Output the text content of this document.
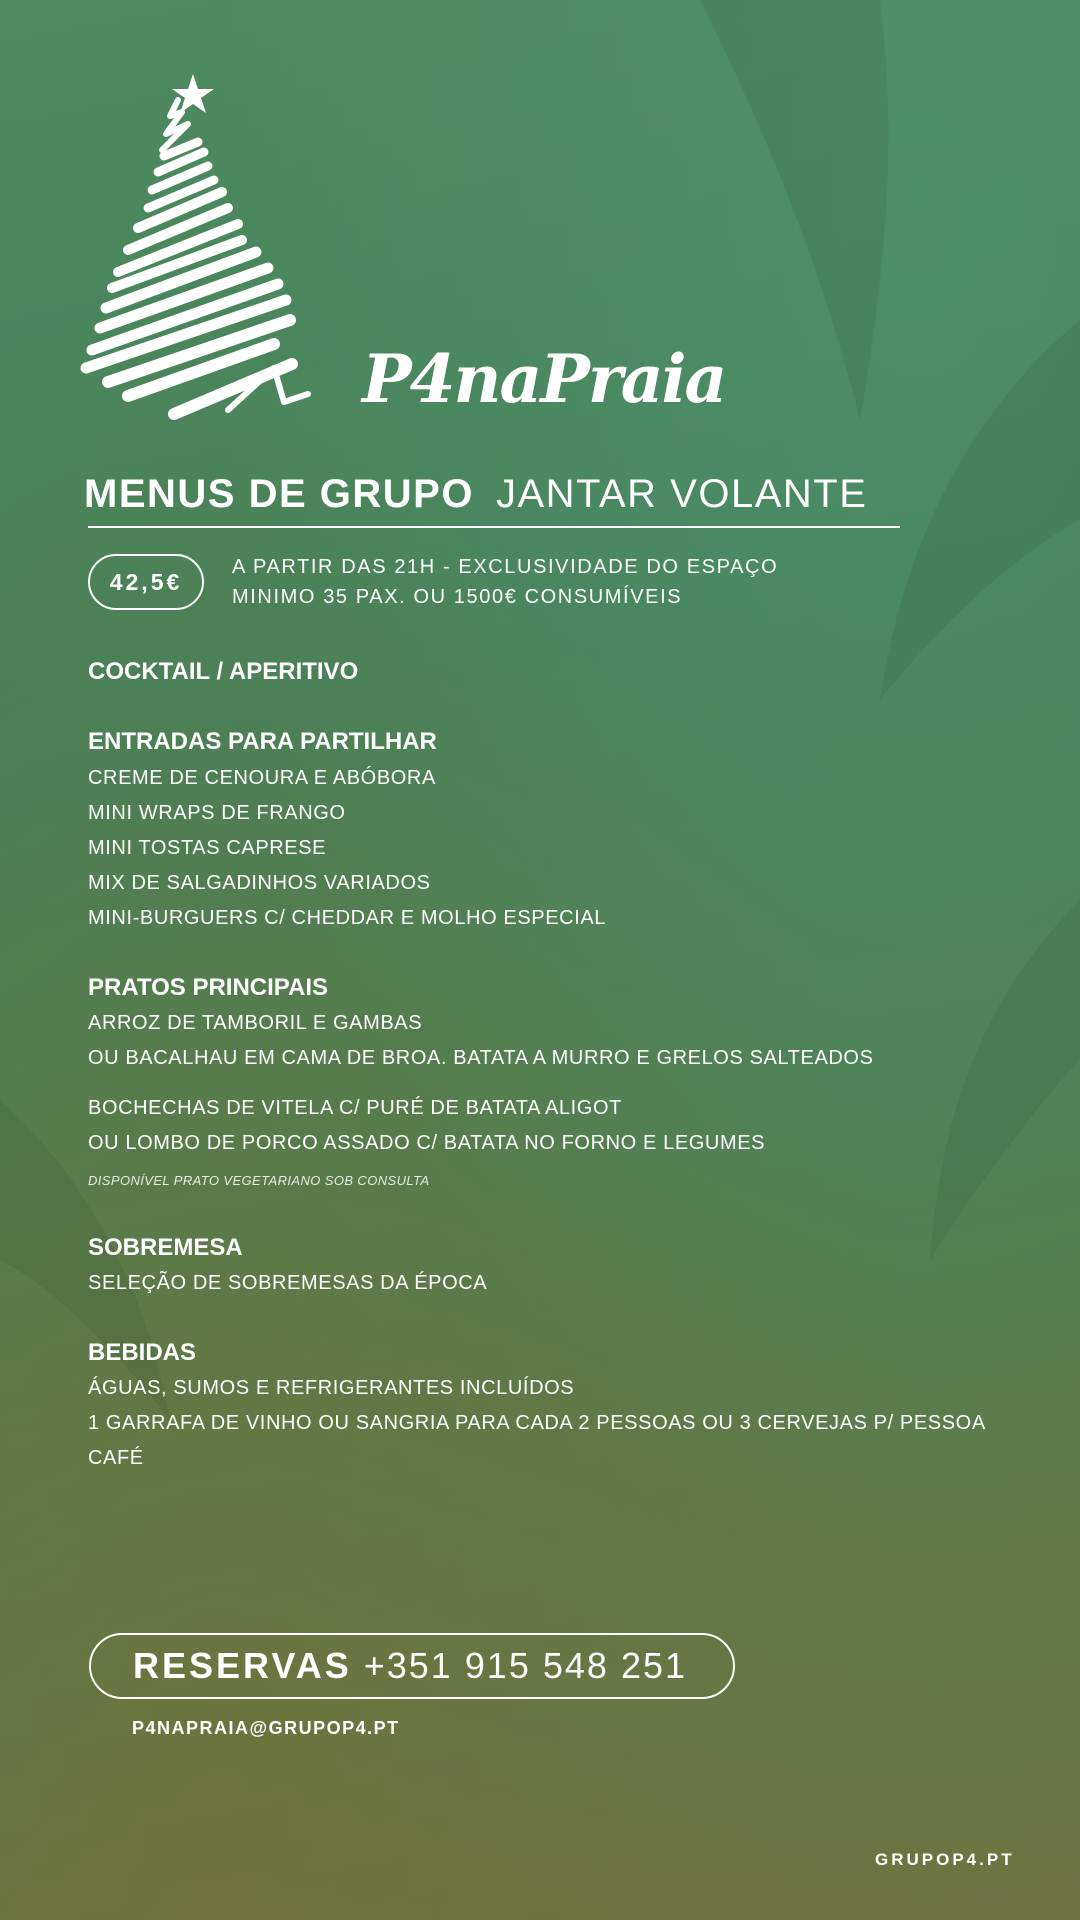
P4naPraia
MENUS DE GRUPO JANTAR VOLANTE
42,5€
A PARTIR DAS 21H - EXCLUSIVIDADE DO ESPAÇO
MINIMO 35 PAX. OU 1500€ CONSUMÍVEIS
COCKTAIL / APERITIVO
ENTRADAS PARA PARTILHAR
CREME DE CENOURA E ABÓBORA
MINI WRAPS DE FRANGO
MINI TOSTAS CAPRESE
MIX DE SALGADINHOS VARIADOS
MINI-BURGUERS C/ CHEDDAR E MOLHO ESPECIAL
PRATOS PRINCIPAIS
ARROZ DE TAMBORIL E GAMBAS
OU BACALHAU EM CAMA DE BROA. BATATA A MURRO E GRELOS SALTEADOS
BOCHECHAS DE VITELA C/ PURÉ DE BATATA ALIGOT
OU LOMBO DE PORCO ASSADO C/ BATATA NO FORNO E LEGUMES
DISPONÍVEL PRATO VEGETARIANO SOB CONSULTA
SOBREMESA
SELEÇÃO DE SOBREMESAS DA ÉPOCA
BEBIDAS
ÁGUAS, SUMOS E REFRIGERANTES INCLUÍDOS
1 GARRAFA DE VINHO OU SANGRIA PARA CADA 2 PESSOAS OU 3 CERVEJAS P/ PESSOA
CAFÉ
RESERVAS +351 915 548 251
P4NAPRAIA@GRUPOP4.PT
GRUPOP4.PT
